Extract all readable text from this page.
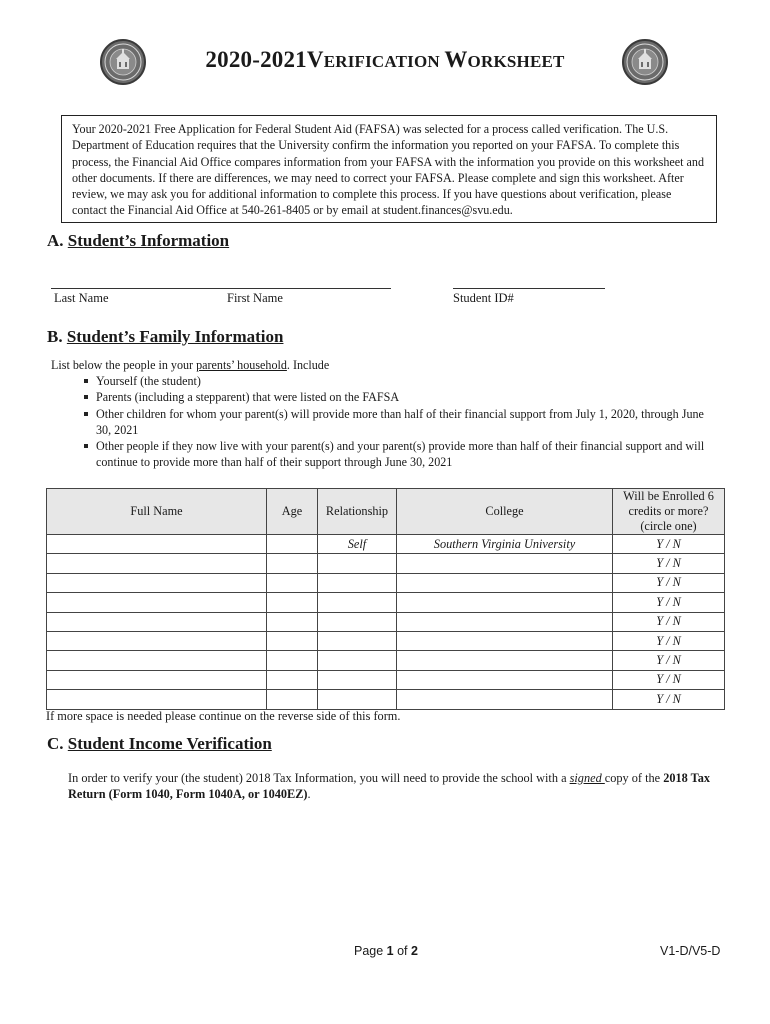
2020-2021VERIFICATION WORKSHEET
Your 2020-2021 Free Application for Federal Student Aid (FAFSA) was selected for a process called verification. The U.S. Department of Education requires that the University confirm the information you reported on your FAFSA. To complete this process, the Financial Aid Office compares information from your FAFSA with the information you provide on this worksheet and other documents. If there are differences, we may need to correct your FAFSA. Please complete and sign this worksheet. After review, we may ask you for additional information to complete this process. If you have questions about verification, please contact the Financial Aid Office at 540-261-8405 or by email at student.finances@svu.edu.
A. Student’s Information
Last Name	First Name	Student ID#
B. Student’s Family Information
List below the people in your parents’ household. Include
Yourself (the student)
Parents (including a stepparent) that were listed on the FAFSA
Other children for whom your parent(s) will provide more than half of their financial support from July 1, 2020, through June 30, 2021
Other people if they now live with your parent(s) and your parent(s) provide more than half of their financial support and will continue to provide more than half of their support through June 30, 2021
Full Name	Age	Relationship	College	Will be Enrolled 6 credits or more? (circle one)
		Self	Southern Virginia University	Y / N
				Y / N
				Y / N
				Y / N
				Y / N
				Y / N
				Y / N
				Y / N
				Y / N
If more space is needed please continue on the reverse side of this form.
C. Student Income Verification
In order to verify your (the student) 2018 Tax Information, you will need to provide the school with a signed copy of the 2018 Tax Return (Form 1040, Form 1040A, or 1040EZ).
Page 1 of 2	V1-D/V5-D
